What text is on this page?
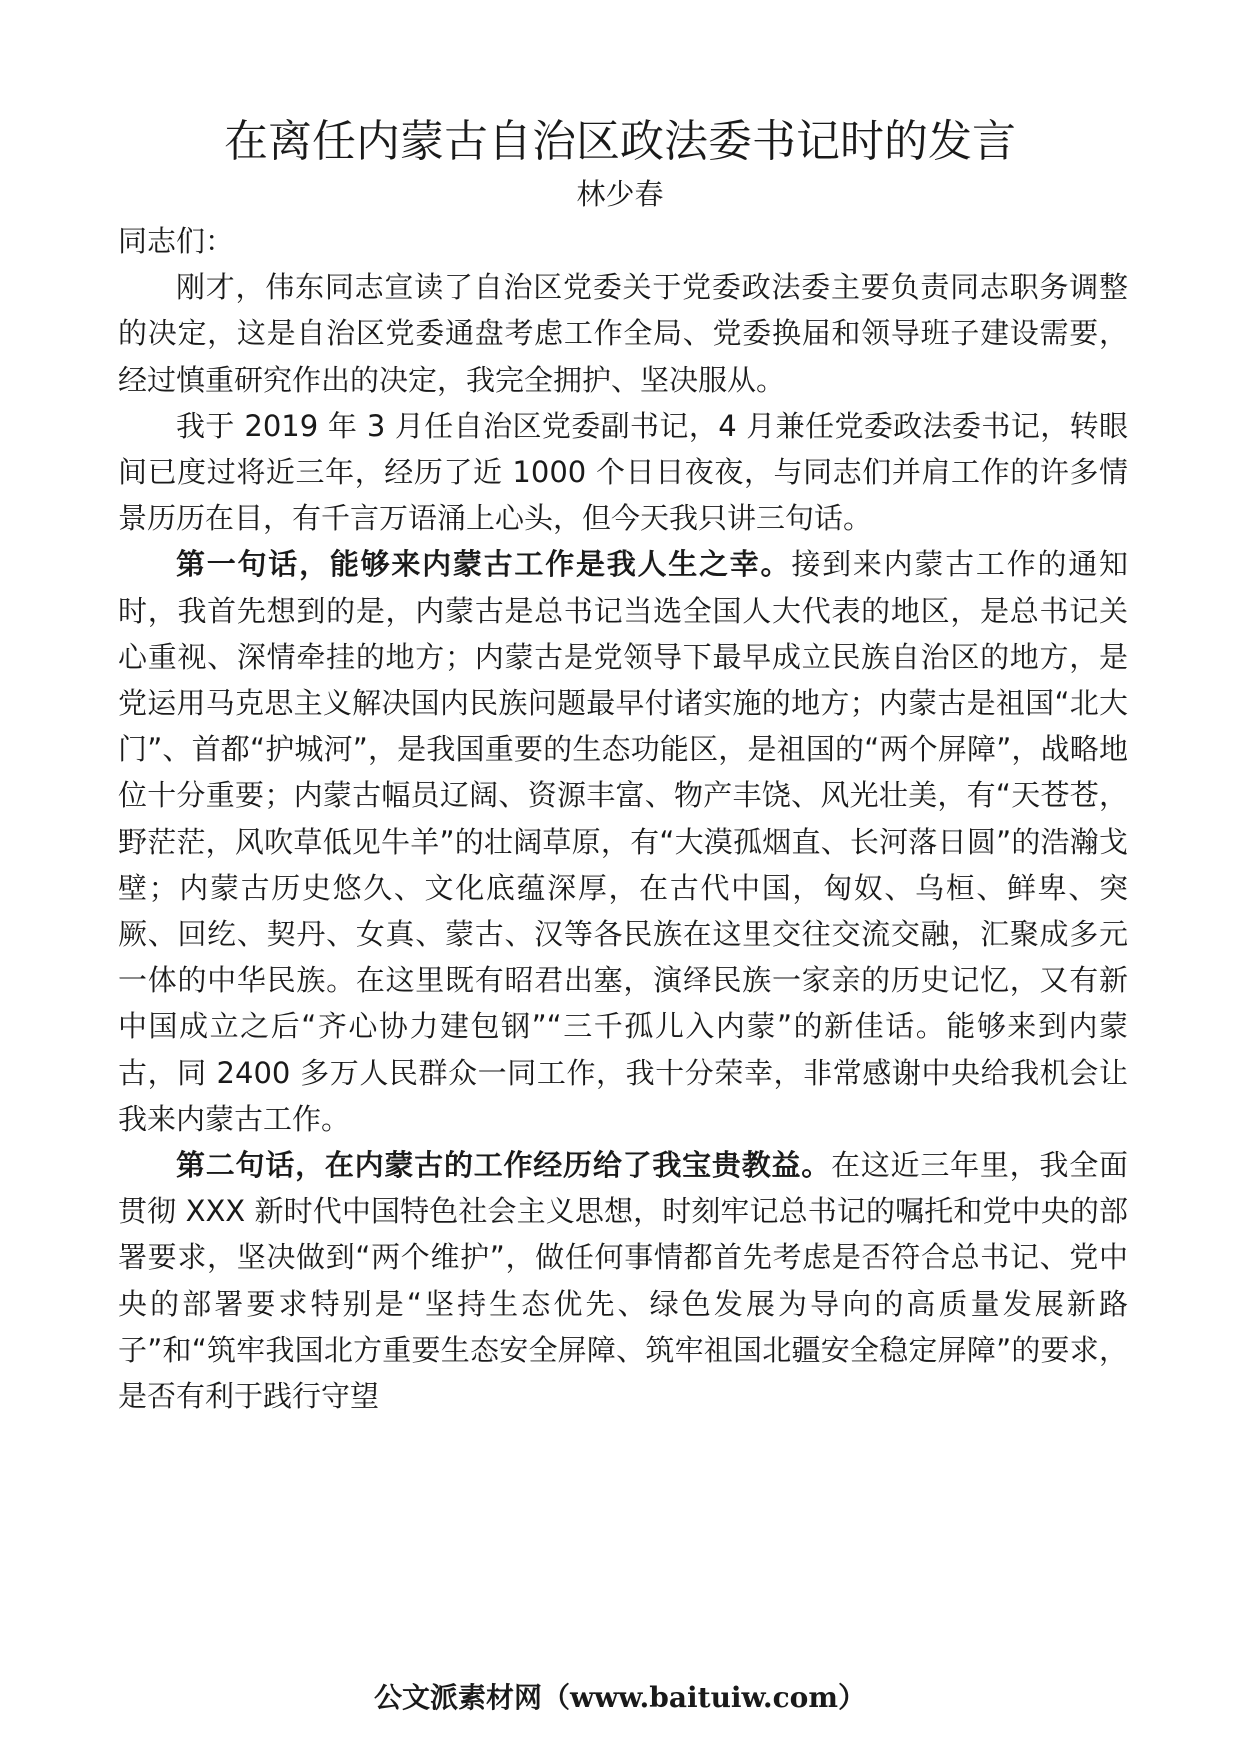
在离任内蒙古自治区政法委书记时的发言
林少春

同志们：

刚才，伟东同志宣读了自治区党委关于党委政法委主要负责同志职务调整的决定，这是自治区党委通盘考虑工作全局、党委换届和领导班子建设需要，经过慎重研究作出的决定，我完全拥护、坚决服从。

我于 2019 年 3 月任自治区党委副书记，4 月兼任党委政法委书记，转眼间已度过将近三年，经历了近 1000 个日日夜夜，与同志们并肩工作的许多情景历历在目，有千言万语涌上心头，但今天我只讲三句话。

第一句话，能够来内蒙古工作是我人生之幸。接到来内蒙古工作的通知时，我首先想到的是，内蒙古是总书记当选全国人大代表的地区，是总书记关心重视、深情牵挂的地方；内蒙古是党领导下最早成立民族自治区的地方，是党运用马克思主义解决国内民族问题最早付诸实施的地方；内蒙古是祖国“北大门”、首都“护城河”，是我国重要的生态功能区，是祖国的“两个屏障”，战略地位十分重要；内蒙古幅员辽阔、资源丰富、物产丰饶、风光壮美，有“天苍苍，野茫茫，风吹草低见牛羊”的壮阔草原，有“大漠孤烟直、长河落日圆”的浩瀚戈壁；内蒙古历史悠久、文化底蕴深厚，在古代中国，匈奴、乌桓、鲜卑、突厥、回纥、契丹、女真、蒙古、汉等各民族在这里交往交流交融，汇聚成多元一体的中华民族。在这里既有昭君出塞，演绎民族一家亲的历史记忆，又有新中国成立之后“齐心协力建包钢”“三千孤儿入内蒙”的新佳话。能够来到内蒙古，同 2400 多万人民群众一同工作，我十分荣幸，非常感谢中央给我机会让我来内蒙古工作。

第二句话，在内蒙古的工作经历给了我宝贵教益。在这近三年里，我全面贯彻 XXX 新时代中国特色社会主义思想，时刻牢记总书记的嘱托和党中央的部署要求，坚决做到“两个维护”，做任何事情都首先考虑是否符合总书记、党中央的部署要求特别是“坚持生态优先、绿色发展为导向的高质量发展新路子”和“筑牢我国北方重要生态安全屏障、筑牢祖国北疆安全稳定屏障”的要求，是否有利于践行守望

公文派素材网（www.baituiw.com）
